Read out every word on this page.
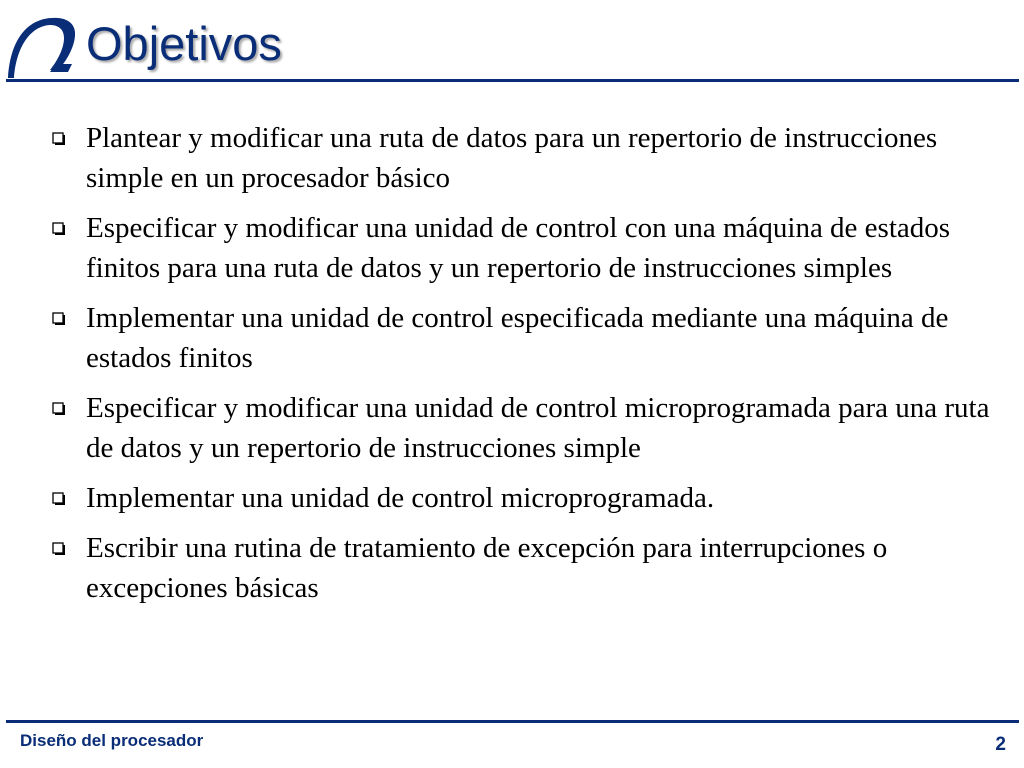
Objetivos
Plantear y modificar una ruta de datos para un repertorio de instrucciones simple en un procesador básico
Especificar y modificar una unidad de control con una máquina de estados finitos para una ruta de datos y un repertorio de instrucciones simples
Implementar una unidad de control especificada mediante una máquina de estados finitos
Especificar y modificar una unidad de control microprogramada para una ruta de datos y un repertorio de instrucciones simple
Implementar una unidad de control microprogramada.
Escribir una rutina de tratamiento de excepción para interrupciones o excepciones básicas
Diseño del procesador	2
